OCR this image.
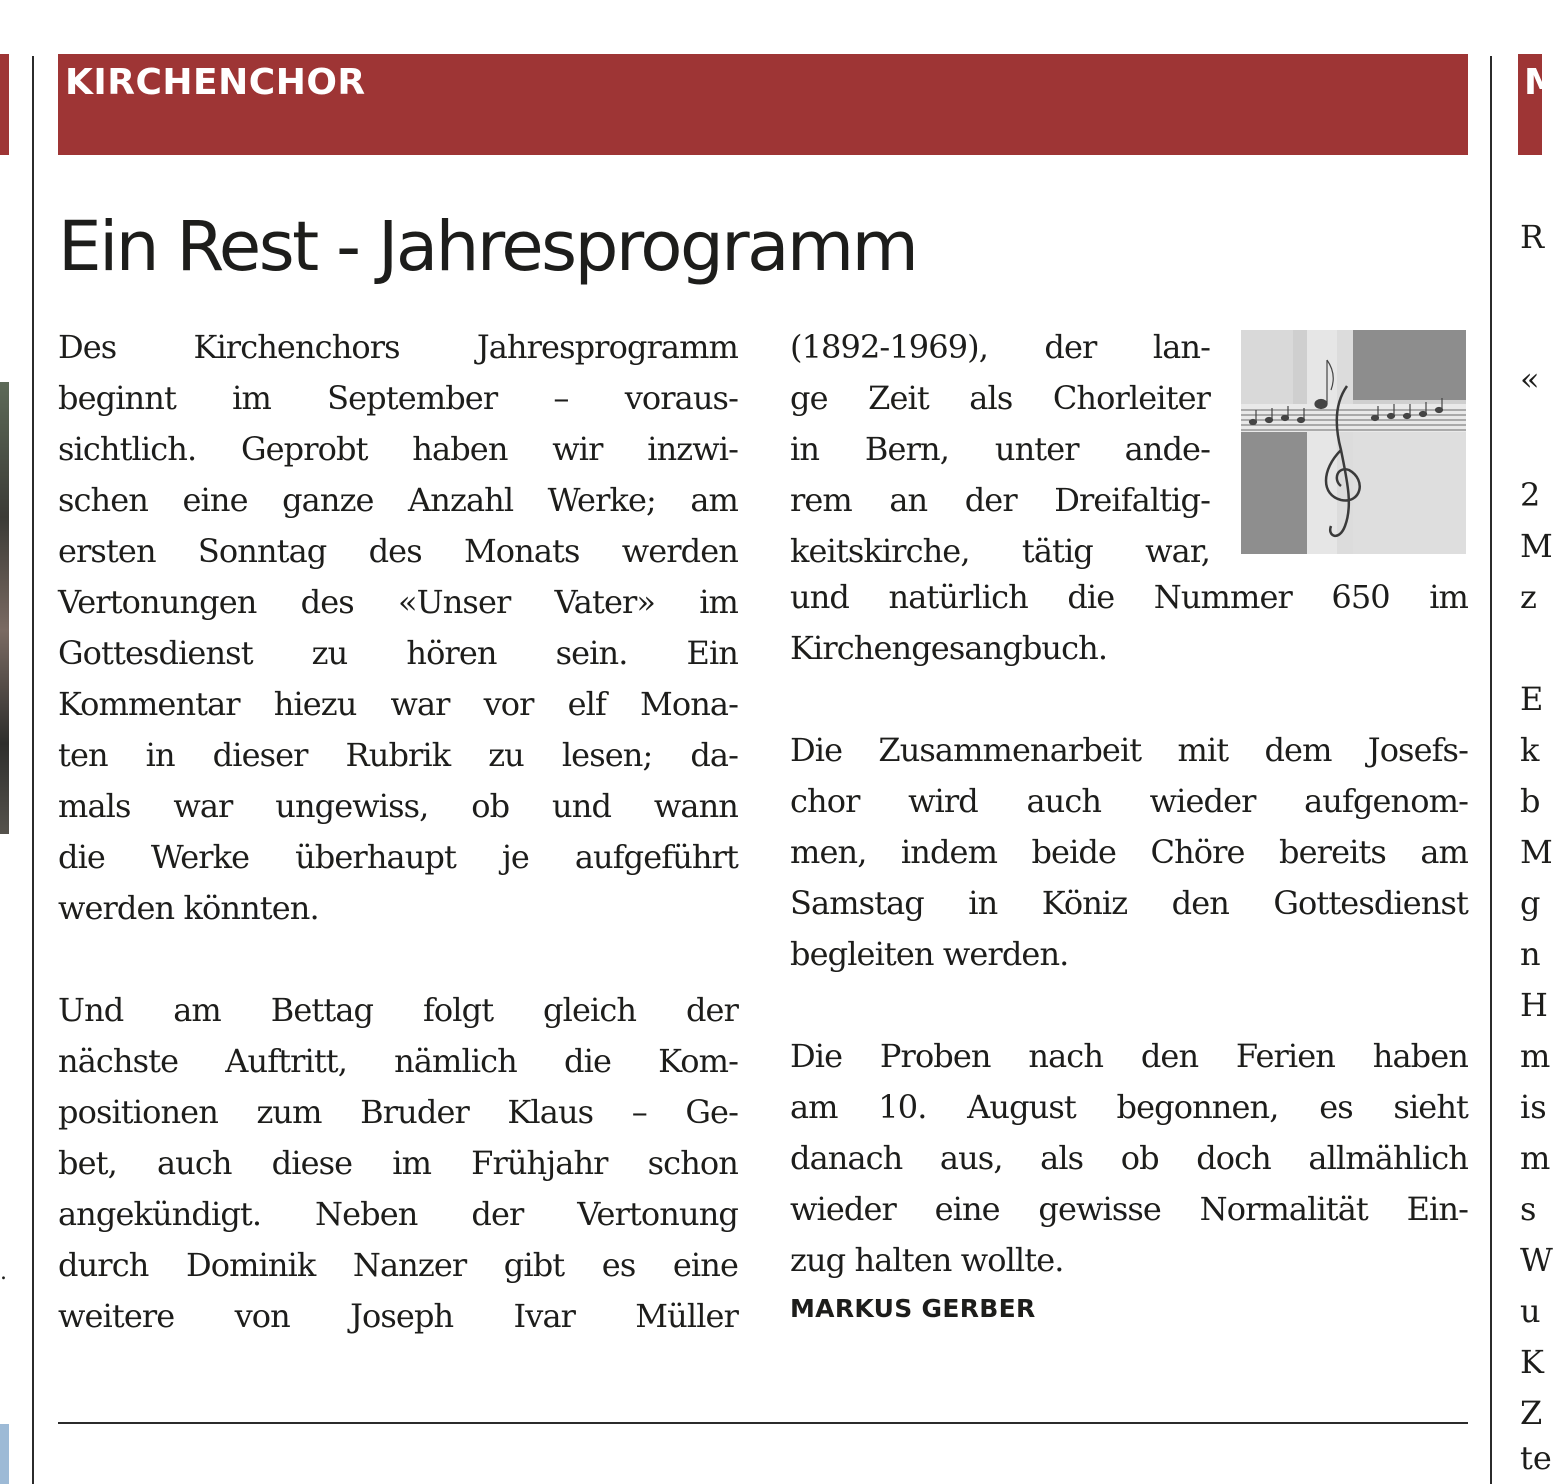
.
KIRCHENCHOR
Ein Rest - Jahresprogramm
Des Kirchenchors Jahresprogramm
beginnt im September – voraus-
sichtlich. Geprobt haben wir inzwi-
schen eine ganze Anzahl Werke; am
ersten Sonntag des Monats werden
Vertonungen des «Unser Vater» im
Gottesdienst zu hören sein. Ein
Kommentar hiezu war vor elf Mona-
ten in dieser Rubrik zu lesen; da-
mals war ungewiss, ob und wann
die Werke überhaupt je aufgeführt
werden könnten.
Und am Bettag folgt gleich der
nächste Auftritt, nämlich die Kom-
positionen zum Bruder Klaus – Ge-
bet, auch diese im Frühjahr schon
angekündigt. Neben der Vertonung
durch Dominik Nanzer gibt es eine
weitere von Joseph Ivar Müller
(1892-1969), der lan-
ge Zeit als Chorleiter
in Bern, unter ande-
rem an der Dreifaltig-
keitskirche, tätig war,
und natürlich die Nummer 650 im
Kirchengesangbuch.
Die Zusammenarbeit mit dem Josefs-
chor wird auch wieder aufgenom-
men, indem beide Chöre bereits am
Samstag in Köniz den Gottesdienst
begleiten werden.
Die Proben nach den Ferien haben
am 10. August begonnen, es sieht
danach aus, als ob doch allmählich
wieder eine gewisse Normalität Ein-
zug halten wollte.
MARKUS GERBER
M
R
«
2
M
z
E
k
b
M
g
n
H
m
is
m
s
W
u
K
Z
te
